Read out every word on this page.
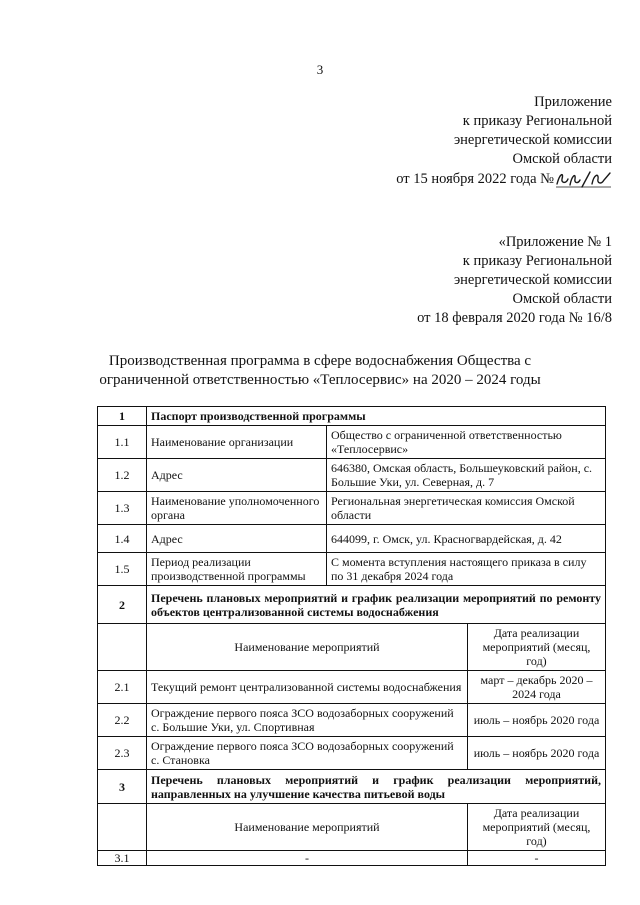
3
Приложение
к приказу Региональной
энергетической комиссии
Омской области
от 15 ноября 2022 года №
«Приложение № 1
к приказу Региональной
энергетической комиссии
Омской области
от 18 февраля 2020 года № 16/8
Производственная программа в сфере водоснабжения Общества с
ограниченной ответственностью «Теплосервис» на 2020 – 2024 годы
1	Паспорт производственной программы		
1.1	Наименование организации	Общество с ограниченной ответственностью «Теплосервис»	
1.2	Адрес	646380, Омская область, Большеуковский район, с. Большие Уки, ул. Северная, д. 7	
1.3	Наименование уполномоченного органа	Региональная энергетическая комиссия Омской области	
1.4	Адрес	644099, г. Омск, ул. Красногвардейская, д. 42	
1.5	Период реализации производственной программы	С момента вступления настоящего приказа в силу по 31 декабря 2024 года	
2	Перечень плановых мероприятий и график реализации мероприятий по ремонту объектов централизованной системы водоснабжения		
	Наименование мероприятий		Дата реализации мероприятий (месяц, год)
2.1	Текущий ремонт централизованной системы водоснабжения		март – декабрь 2020 – 2024 года
2.2	Ограждение первого пояса ЗСО водозаборных сооружений с. Большие Уки, ул. Спортивная		июль – ноябрь 2020 года
2.3	Ограждение первого пояса ЗСО водозаборных сооружений с. Становка		июль – ноябрь 2020 года
3	Перечень плановых мероприятий и график реализации мероприятий, направленных на улучшение качества питьевой воды		
	Наименование мероприятий		Дата реализации мероприятий (месяц, год)
3.1	-		-
